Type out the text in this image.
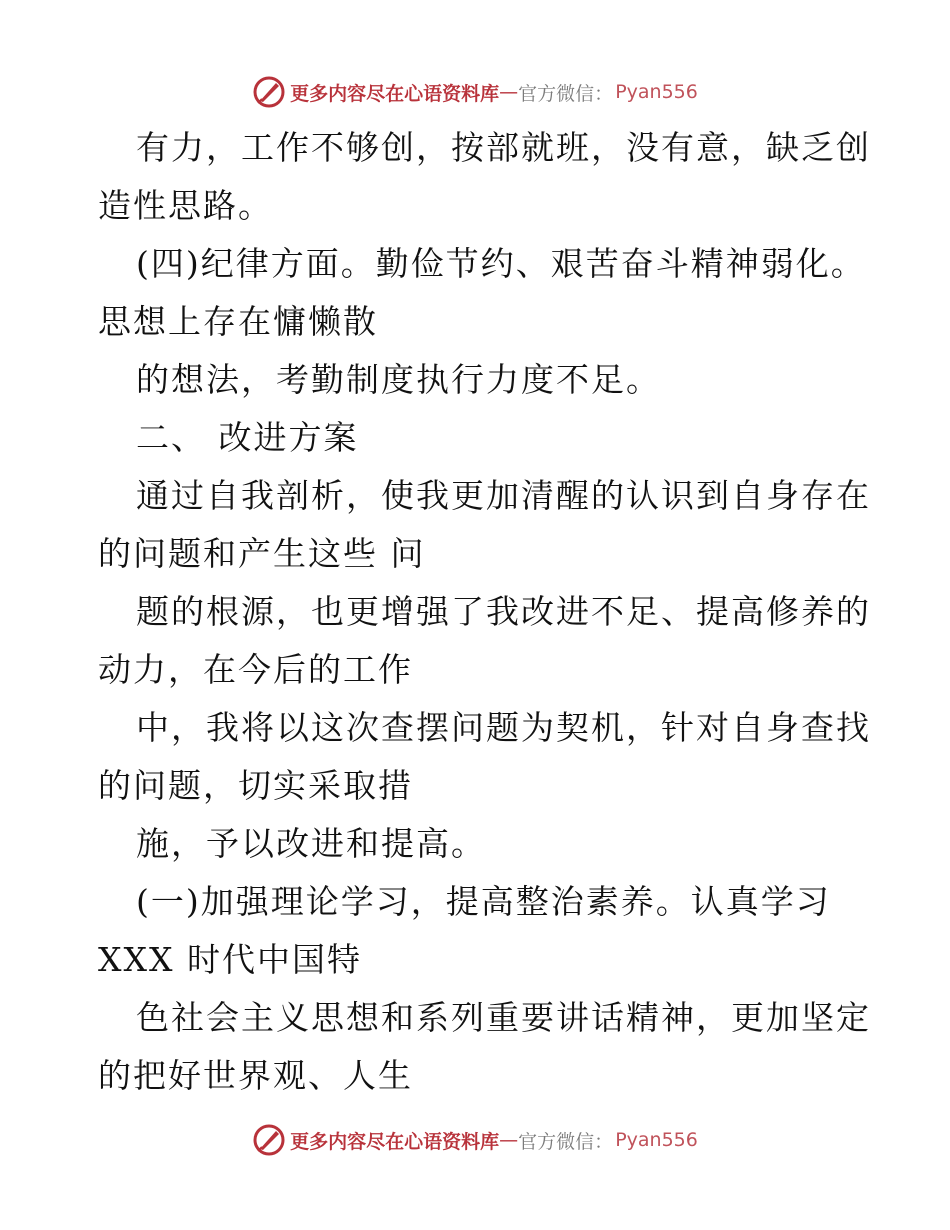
更多内容尽在心语资料库 — 官方微信： Pyan556
有力，工作不够创，按部就班，没有意，缺乏创
造性思路。
(四)纪律方面。勤俭节约、艰苦奋斗精神弱化。
思想上存在慵懒散
的想法，考勤制度执行力度不足。
二、 改进方案
通过自我剖析，使我更加清醒的认识到自身存在
的问题和产生这些 问
题的根源，也更增强了我改进不足、提高修养的
动力，在今后的工作
中，我将以这次查摆问题为契机，针对自身查找
的问题，切实采取措
施，予以改进和提高。
(一)加强理论学习，提高整治素养。认真学习
XXX 时代中国特
色社会主义思想和系列重要讲话精神，更加坚定
的把好世界观、人生
更多内容尽在心语资料库 — 官方微信： Pyan556
